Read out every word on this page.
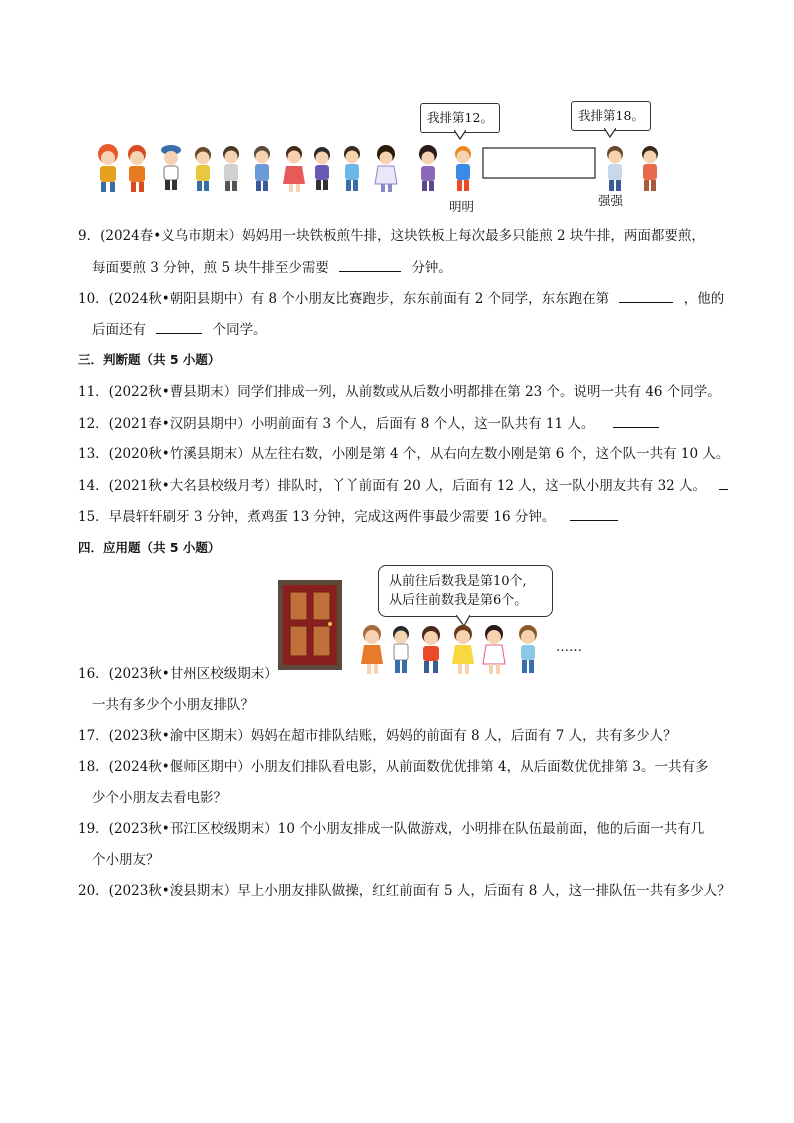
我排第12。	我排第18。
明明	强强
9．(2024春•义乌市期末）妈妈用一块铁板煎牛排，这块铁板上每次最多只能煎 2 块牛排，两面都要煎，
每面要煎 3 分钟，煎 5 块牛排至少需要	分钟。
10．(2024秋•朝阳县期中）有 8 个小朋友比赛跑步，东东前面有 2 个同学，东东跑在第	，他的
后面还有	个同学。
三．判断题（共 5 小题）
11．(2022秋•曹县期末）同学们排成一列，从前数或从后数小明都排在第 23 个。说明一共有 46 个同学。
12．(2021春•汉阴县期中）小明前面有 3 个人，后面有 8 个人，这一队共有 11 人。
13．(2020秋•竹溪县期末）从左往右数，小刚是第 4 个，从右向左数小刚是第 6 个，这个队一共有 10 人。
14．(2021秋•大名县校级月考）排队时，丫丫前面有 20 人，后面有 12 人，这一队小朋友共有 32 人。
15．早晨轩轩刷牙 3 分钟，煮鸡蛋 13 分钟，完成这两件事最少需要 16 分钟。
四．应用题（共 5 小题）
从前往后数我是第10个,
从后往前数我是第6个。
……
16．(2023秋•甘州区校级期末）
一共有多少个小朋友排队？
17．(2023秋•渝中区期末）妈妈在超市排队结账，妈妈的前面有 8 人，后面有 7 人，共有多少人？
18．(2024秋•偃师区期中）小朋友们排队看电影，从前面数优优排第 4，从后面数优优排第 3。一共有多
少个小朋友去看电影？
19．(2023秋•邗江区校级期末）10 个小朋友排成一队做游戏，小明排在队伍最前面，他的后面一共有几
个小朋友？
20．(2023秋•浚县期末）早上小朋友排队做操，红红前面有 5 人，后面有 8 人，这一排队伍一共有多少人？
